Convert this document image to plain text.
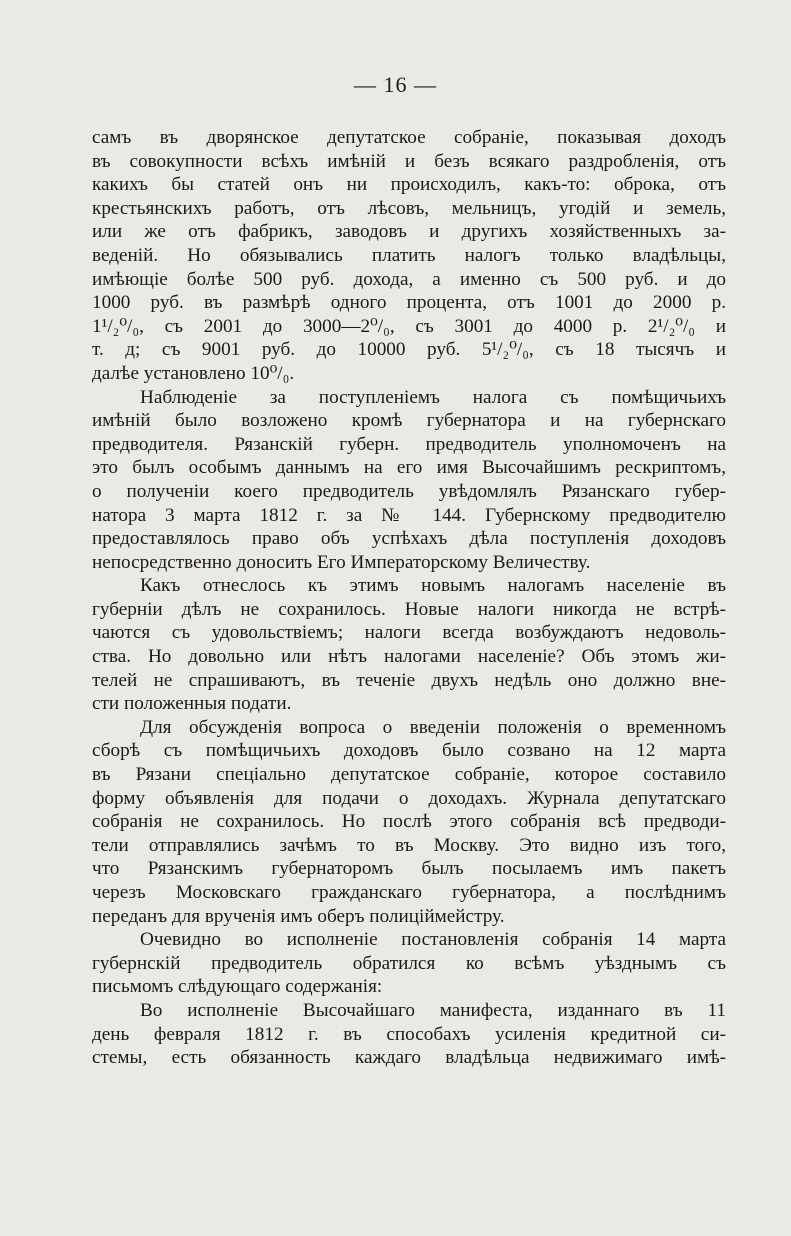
— 16 —

самъ въ дворянское депутатское собраніе, показывая доходъ
въ совокупности всѣхъ имѣній и безъ всякаго раздробленія, отъ
какихъ бы статей онъ ни происходилъ, какъ-то: оброка, отъ
крестьянскихъ работъ, отъ лѣсовъ, мельницъ, угодій и земель,
или же отъ фабрикъ, заводовъ и другихъ хозяйственныхъ за-
веденій. Но обязывались платить налогъ только владѣльцы,
имѣющіе болѣе 500 руб. дохода, а именно съ 500 руб. и до
1000 руб. въ размѣрѣ одного процента, отъ 1001 до 2000 р.
1¹/₂⁰/₀, съ 2001 до 3000—2⁰/₀, съ 3001 до 4000 р. 2¹/₂⁰/₀ и
т. д; съ 9001 руб. до 10000 руб. 5¹/₂⁰/₀, съ 18 тысячъ и
далѣе установлено 10⁰/₀.

Наблюденіе за поступленіемъ налога съ помѣщичьихъ
имѣній было возложено кромѣ губернатора и на губернскаго
предводителя. Рязанскій губерн. предводитель уполномоченъ на
это былъ особымъ даннымъ на его имя Высочайшимъ рескриптомъ,
о полученіи коего предводитель увѣдомлялъ Рязанскаго губер-
натора 3 марта 1812 г. за № 144. Губернскому предводителю
предоставлялось право объ успѣхахъ дѣла поступленія доходовъ
непосредственно доносить Его Императорскому Величеству.

Какъ отнеслось къ этимъ новымъ налогамъ населеніе въ
губерніи дѣлъ не сохранилось. Новые налоги никогда не встрѣ-
чаются съ удовольствіемъ; налоги всегда возбуждаютъ недоволь-
ства. Но довольно или нѣтъ налогами населеніе? Объ этомъ жи-
телей не спрашиваютъ, въ теченіе двухъ недѣль оно должно вне-
сти положенныя подати.

Для обсужденія вопроса о введеніи положенія о временномъ
сборѣ съ помѣщичьихъ доходовъ было созвано на 12 марта
въ Рязани спеціально депутатское собраніе, которое составило
форму объявленія для подачи о доходахъ. Журнала депутатскаго
собранія не сохранилось. Но послѣ этого собранія всѣ предводи-
тели отправлялись зачѣмъ то въ Москву. Это видно изъ того,
что Рязанскимъ губернаторомъ былъ посылаемъ имъ пакетъ
черезъ Московскаго гражданскаго губернатора, а послѣднимъ
переданъ для врученія имъ оберъ полиціймейстру.

Очевидно во исполненіе постановленія собранія 14 марта
губернскій предводитель обратился ко всѣмъ уѣзднымъ съ
письмомъ слѣдующаго содержанія:

Во исполненіе Высочайшаго манифеста, изданнаго въ 11
день февраля 1812 г. въ способахъ усиленія кредитной си-
стемы, есть обязанность каждаго владѣльца недвижимаго имѣ-
